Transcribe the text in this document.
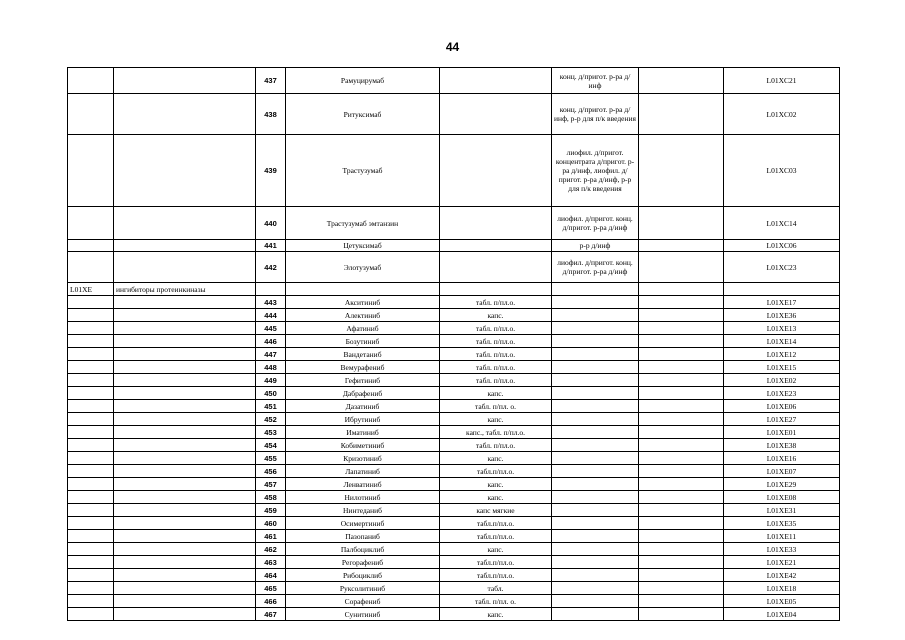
44
		437	Рамуцирумаб		конц. д/пригот. р-ра д/инф		L01XC21
		438	Ритуксимаб		конц. д/пригот. р-ра д/инф, р-р для п/к введения		L01XC02
		439	Трастузумаб		лиофил. д/пригот. концентрата д/пригот. р-ра д/инф, лиофил. д/пригот. р-ра д/инф, р-р для п/к введения		L01XC03
		440	Трастузумаб эмтанзин		лиофил. д/пригот. конц. д/пригот. р-ра д/инф		L01XC14
		441	Цетуксимаб		р-р д/инф		L01XC06
		442	Элотузумаб		лиофил. д/пригот. конц. д/пригот. р-ра д/инф		L01XC23
L01XE	ингибиторы протеинкиназы						
		443	Акситиниб	табл. п/пл.о.			L01XE17
		444	Алектиниб	капс.			L01XE36
		445	Афатиниб	табл. п/пл.о.			L01XE13
		446	Бозутиниб	табл. п/пл.о.			L01XE14
		447	Вандетаниб	табл. п/пл.о.			L01XE12
		448	Вемурафениб	табл. п/пл.о.			L01XE15
		449	Гефитиниб	табл. п/пл.о.			L01XE02
		450	Дабрафениб	капс.			L01XE23
		451	Дазатиниб	табл. п/пл. о.			L01XE06
		452	Ибрутиниб	капс.			L01XE27
		453	Иматиниб	капс., табл. п/пл.о.			L01XE01
		454	Кобиметиниб	табл. п/пл.о.			L01XE38
		455	Кризотиниб	капс.			L01XE16
		456	Лапатиниб	табл.п/пл.о.			L01XE07
		457	Ленватиниб	капс.			L01XE29
		458	Нилотиниб	капс.			L01XE08
		459	Нинтеданиб	капс мягкие			L01XE31
		460	Осимертиниб	табл.п/пл.о.			L01XE35
		461	Пазопаниб	табл.п/пл.о.			L01XE11
		462	Палбоциклиб	капс.			L01XE33
		463	Регорафениб	табл.п/пл.о.			L01XE21
		464	Рибоциклиб	табл.п/пл.о.			L01XE42
		465	Руксолитиниб	табл.			L01XE18
		466	Сорафениб	табл. п/пл. о.			L01XE05
		467	Сунитиниб	капс.			L01XE04
